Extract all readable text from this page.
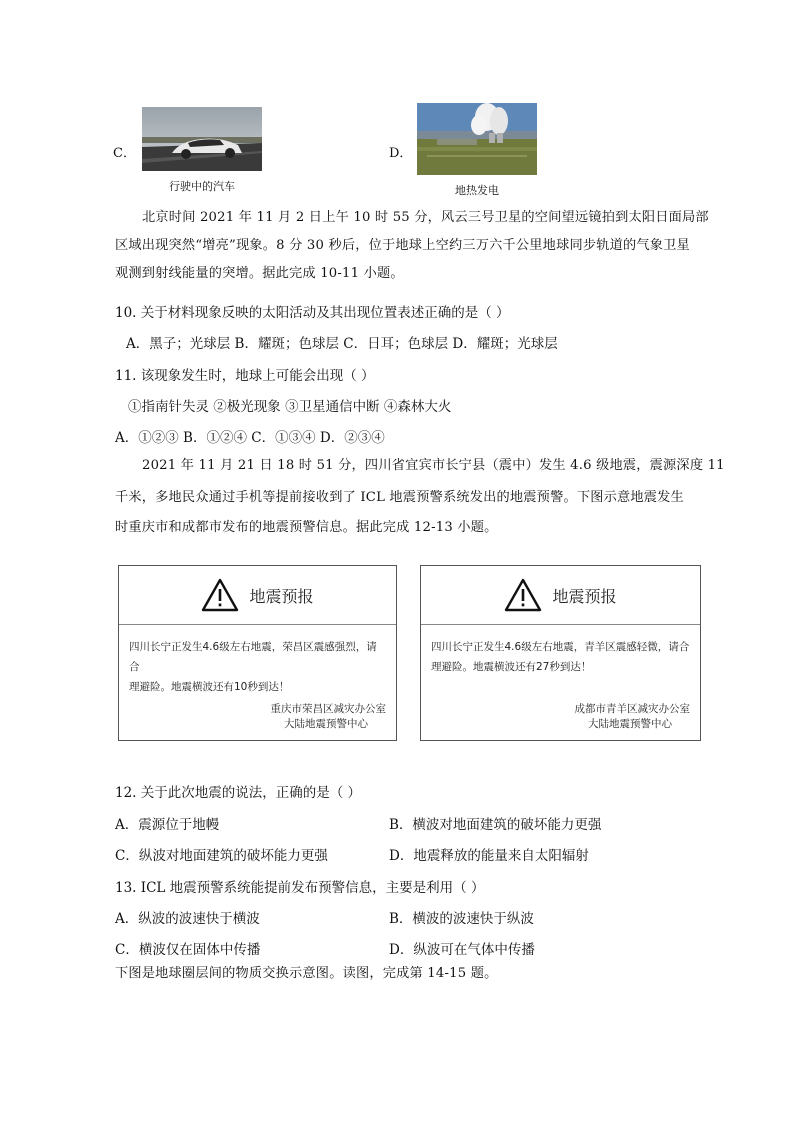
C．
行驶中的汽车
D．
地热发电
北京时间 2021 年 11 月 2 日上午 10 时 55 分，风云三号卫星的空间望远镜拍到太阳日面局部
区域出现突然“增亮”现象。8 分 30 秒后，位于地球上空约三万六千公里地球同步轨道的气象卫星
观测到射线能量的突增。据此完成 10-11 小题。
10. 关于材料现象反映的太阳活动及其出现位置表述正确的是（ ）
A．黑子；光球层 B．耀斑；色球层 C．日耳；色球层 D．耀斑；光球层
11. 该现象发生时，地球上可能会出现（ ）
①指南针失灵 ②极光现象 ③卫星通信中断 ④森林大火
A．①②③ B．①②④ C．①③④ D．②③④
2021 年 11 月 21 日 18 时 51 分，四川省宜宾市长宁县（震中）发生 4.6 级地震，震源深度 11
千米，多地民众通过手机等提前接收到了 ICL 地震预警系统发出的地震预警。下图示意地震发生
时重庆市和成都市发布的地震预警信息。据此完成 12-13 小题。
地震预报
四川长宁正发生4.6级左右地震，荣昌区震感强烈，请合
理避险。地震横波还有10秒到达！
重庆市荣昌区减灾办公室
大陆地震预警中心
地震预报
四川长宁正发生4.6级左右地震，青羊区震感轻微，请合
理避险。地震横波还有27秒到达！
成都市青羊区减灾办公室
大陆地震预警中心
12. 关于此次地震的说法，正确的是（ ）
A．震源位于地幔	B．横波对地面建筑的破坏能力更强
C．纵波对地面建筑的破坏能力更强	D．地震释放的能量来自太阳辐射
13. ICL 地震预警系统能提前发布预警信息，主要是利用（ ）
A．纵波的波速快于横波	B．横波的波速快于纵波
C．横波仅在固体中传播	D．纵波可在气体中传播
下图是地球圈层间的物质交换示意图。读图，完成第 14-15 题。
